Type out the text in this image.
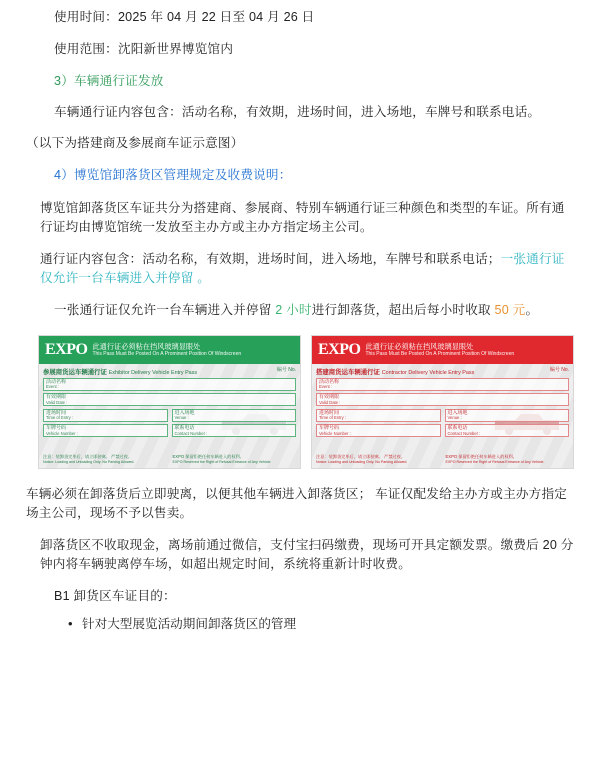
使用时间：2025 年 04 月 22 日至 04 月 26 日

使用范围：沈阳新世界博览馆内

3）车辆通行证发放

车辆通行证内容包含：活动名称，有效期，进场时间，进入场地，车牌号和联系电话。

（以下为搭建商及参展商车证示意图）

4）博览馆卸落货区管理规定及收费说明：

博览馆卸落货区车证共分为搭建商、参展商、特别车辆通行证三种颜色和类型的车证。所有通行证均由博览馆统一发放至主办方或主办方指定场主公司。

通行证内容包含：活动名称，有效期，进场时间，进入场地，车牌号和联系电话；一张通行证仅允许一台车辆进入并停留 。

一张通行证仅允许一台车辆进入并停留 2 小时进行卸落货，超出后每小时收取 50 元。

EXPO 此通行证必须粘在挡风玻璃显眼处
This Pass Must Be Posted On A Prominent Position Of Windscreen
参展商货运车辆通行证 Exhibitor Delivery Vehicle Entry Pass	编号 No.
活动名称
Event :
有效期限
Valid Date :
进场时间
Time of Entry :
进入场地
Venue :
车牌号码
Vehicle Number :
联系电话
Contact Number :
注意：装卸货完毕后，请立即驶离。 严禁过夜。
Notice: Loading and Unloading Only. No Parking Allowed.
EXPO 保留拒绝任何车辆进入的权利。
EXPO Reserved the Right of Refusal Entrance of Any Vehicle.
EXPO 此通行证必须粘在挡风玻璃显眼处
This Pass Must Be Posted On A Prominent Position Of Windscreen
搭建商货运车辆通行证 Contractor Delivery Vehicle Entry Pass	编号 No.
活动名称
Event :
有效期限
Valid Date :
进场时间
Time of Entry :
进入场地
Venue :
车牌号码
Vehicle Number :
联系电话
Contact Number :
注意：装卸货完毕后，请立即驶离。 严禁过夜。
Notice: Loading and Unloading Only. No Parking Allowed.
EXPO 保留拒绝任何车辆进入的权利。
EXPO Reserved the Right of Refusal Entrance of Any Vehicle.

车辆必须在卸落货后立即驶离，以便其他车辆进入卸落货区； 车证仅配发给主办方或主办方指定场主公司，现场不予以售卖。

卸落货区不收取现金，离场前通过微信，支付宝扫码缴费，现场可开具定额发票。缴费后 20 分钟内将车辆驶离停车场，如超出规定时间，系统将重新计时收费。

B1 卸货区车证目的：

• 针对大型展览活动期间卸落货区的管理
